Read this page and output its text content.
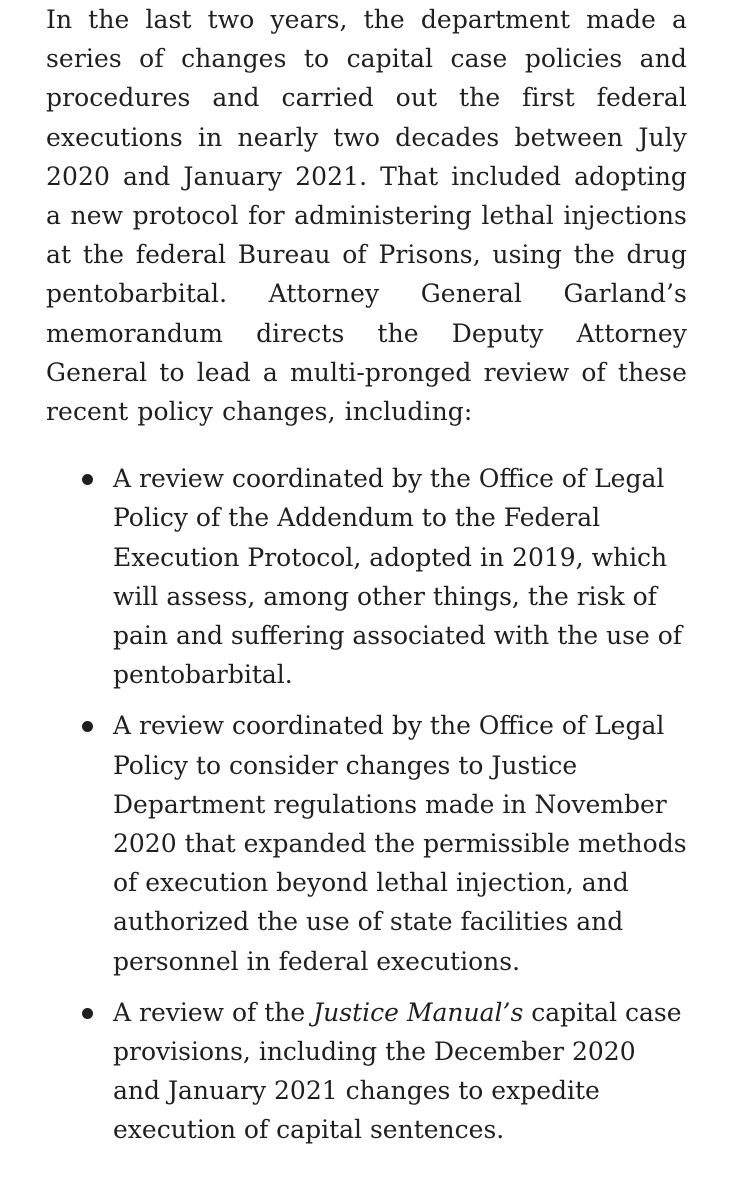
In the last two years, the department made a series of changes to capital case policies and procedures and carried out the first federal executions in nearly two decades between July 2020 and January 2021. That included adopting a new protocol for administering lethal injections at the federal Bureau of Prisons, using the drug pentobarbital. Attorney General Garland’s memorandum directs the Deputy Attorney General to lead a multi-pronged review of these recent policy changes, including:

A review coordinated by the Office of Legal Policy of the Addendum to the Federal Execution Protocol, adopted in 2019, which will assess, among other things, the risk of pain and suffering associated with the use of pentobarbital.
A review coordinated by the Office of Legal Policy to consider changes to Justice Department regulations made in November 2020 that expanded the permissible methods of execution beyond lethal injection, and authorized the use of state facilities and personnel in federal executions.
A review of the Justice Manual’s capital case provisions, including the December 2020 and January 2021 changes to expedite execution of capital sentences.
